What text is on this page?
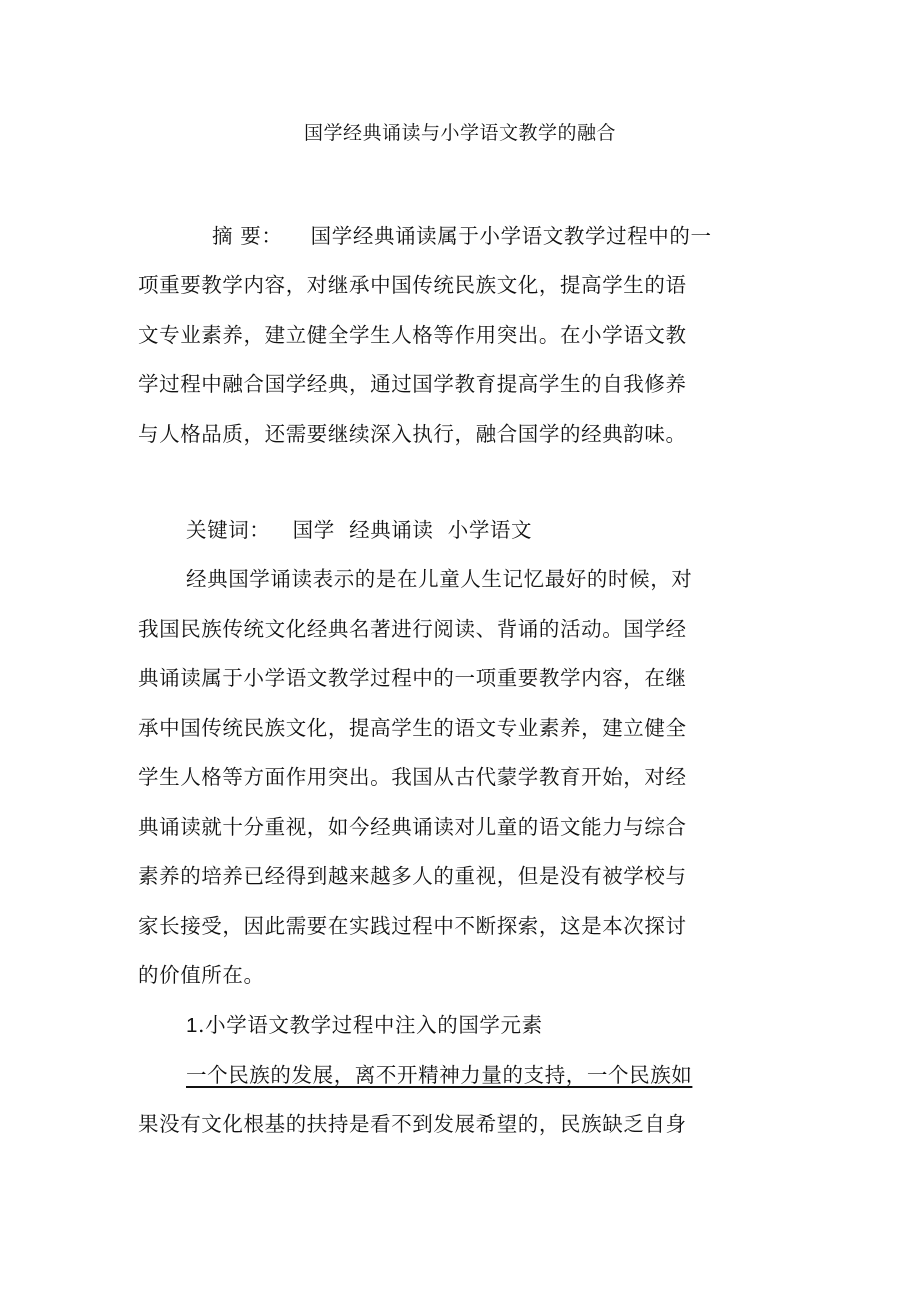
国学经典诵读与小学语文教学的融合
摘 要： 国学经典诵读属于小学语文教学过程中的一
项重要教学内容，对继承中国传统民族文化，提高学生的语
文专业素养，建立健全学生人格等作用突出。在小学语文教
学过程中融合国学经典，通过国学教育提高学生的自我修养
与人格品质，还需要继续深入执行，融合国学的经典韵味。
关键词： 国学  经典诵读  小学语文
经典国学诵读表示的是在儿童人生记忆最好的时候，对
我国民族传统文化经典名著进行阅读、背诵的活动。国学经
典诵读属于小学语文教学过程中的一项重要教学内容，在继
承中国传统民族文化，提高学生的语文专业素养，建立健全
学生人格等方面作用突出。我国从古代蒙学教育开始，对经
典诵读就十分重视，如今经典诵读对儿童的语文能力与综合
素养的培养已经得到越来越多人的重视，但是没有被学校与
家长接受，因此需要在实践过程中不断探索，这是本次探讨
的价值所在。
1.小学语文教学过程中注入的国学元素
一个民族的发展，离不开精神力量的支持，一个民族如
果没有文化根基的扶持是看不到发展希望的，民族缺乏自身
